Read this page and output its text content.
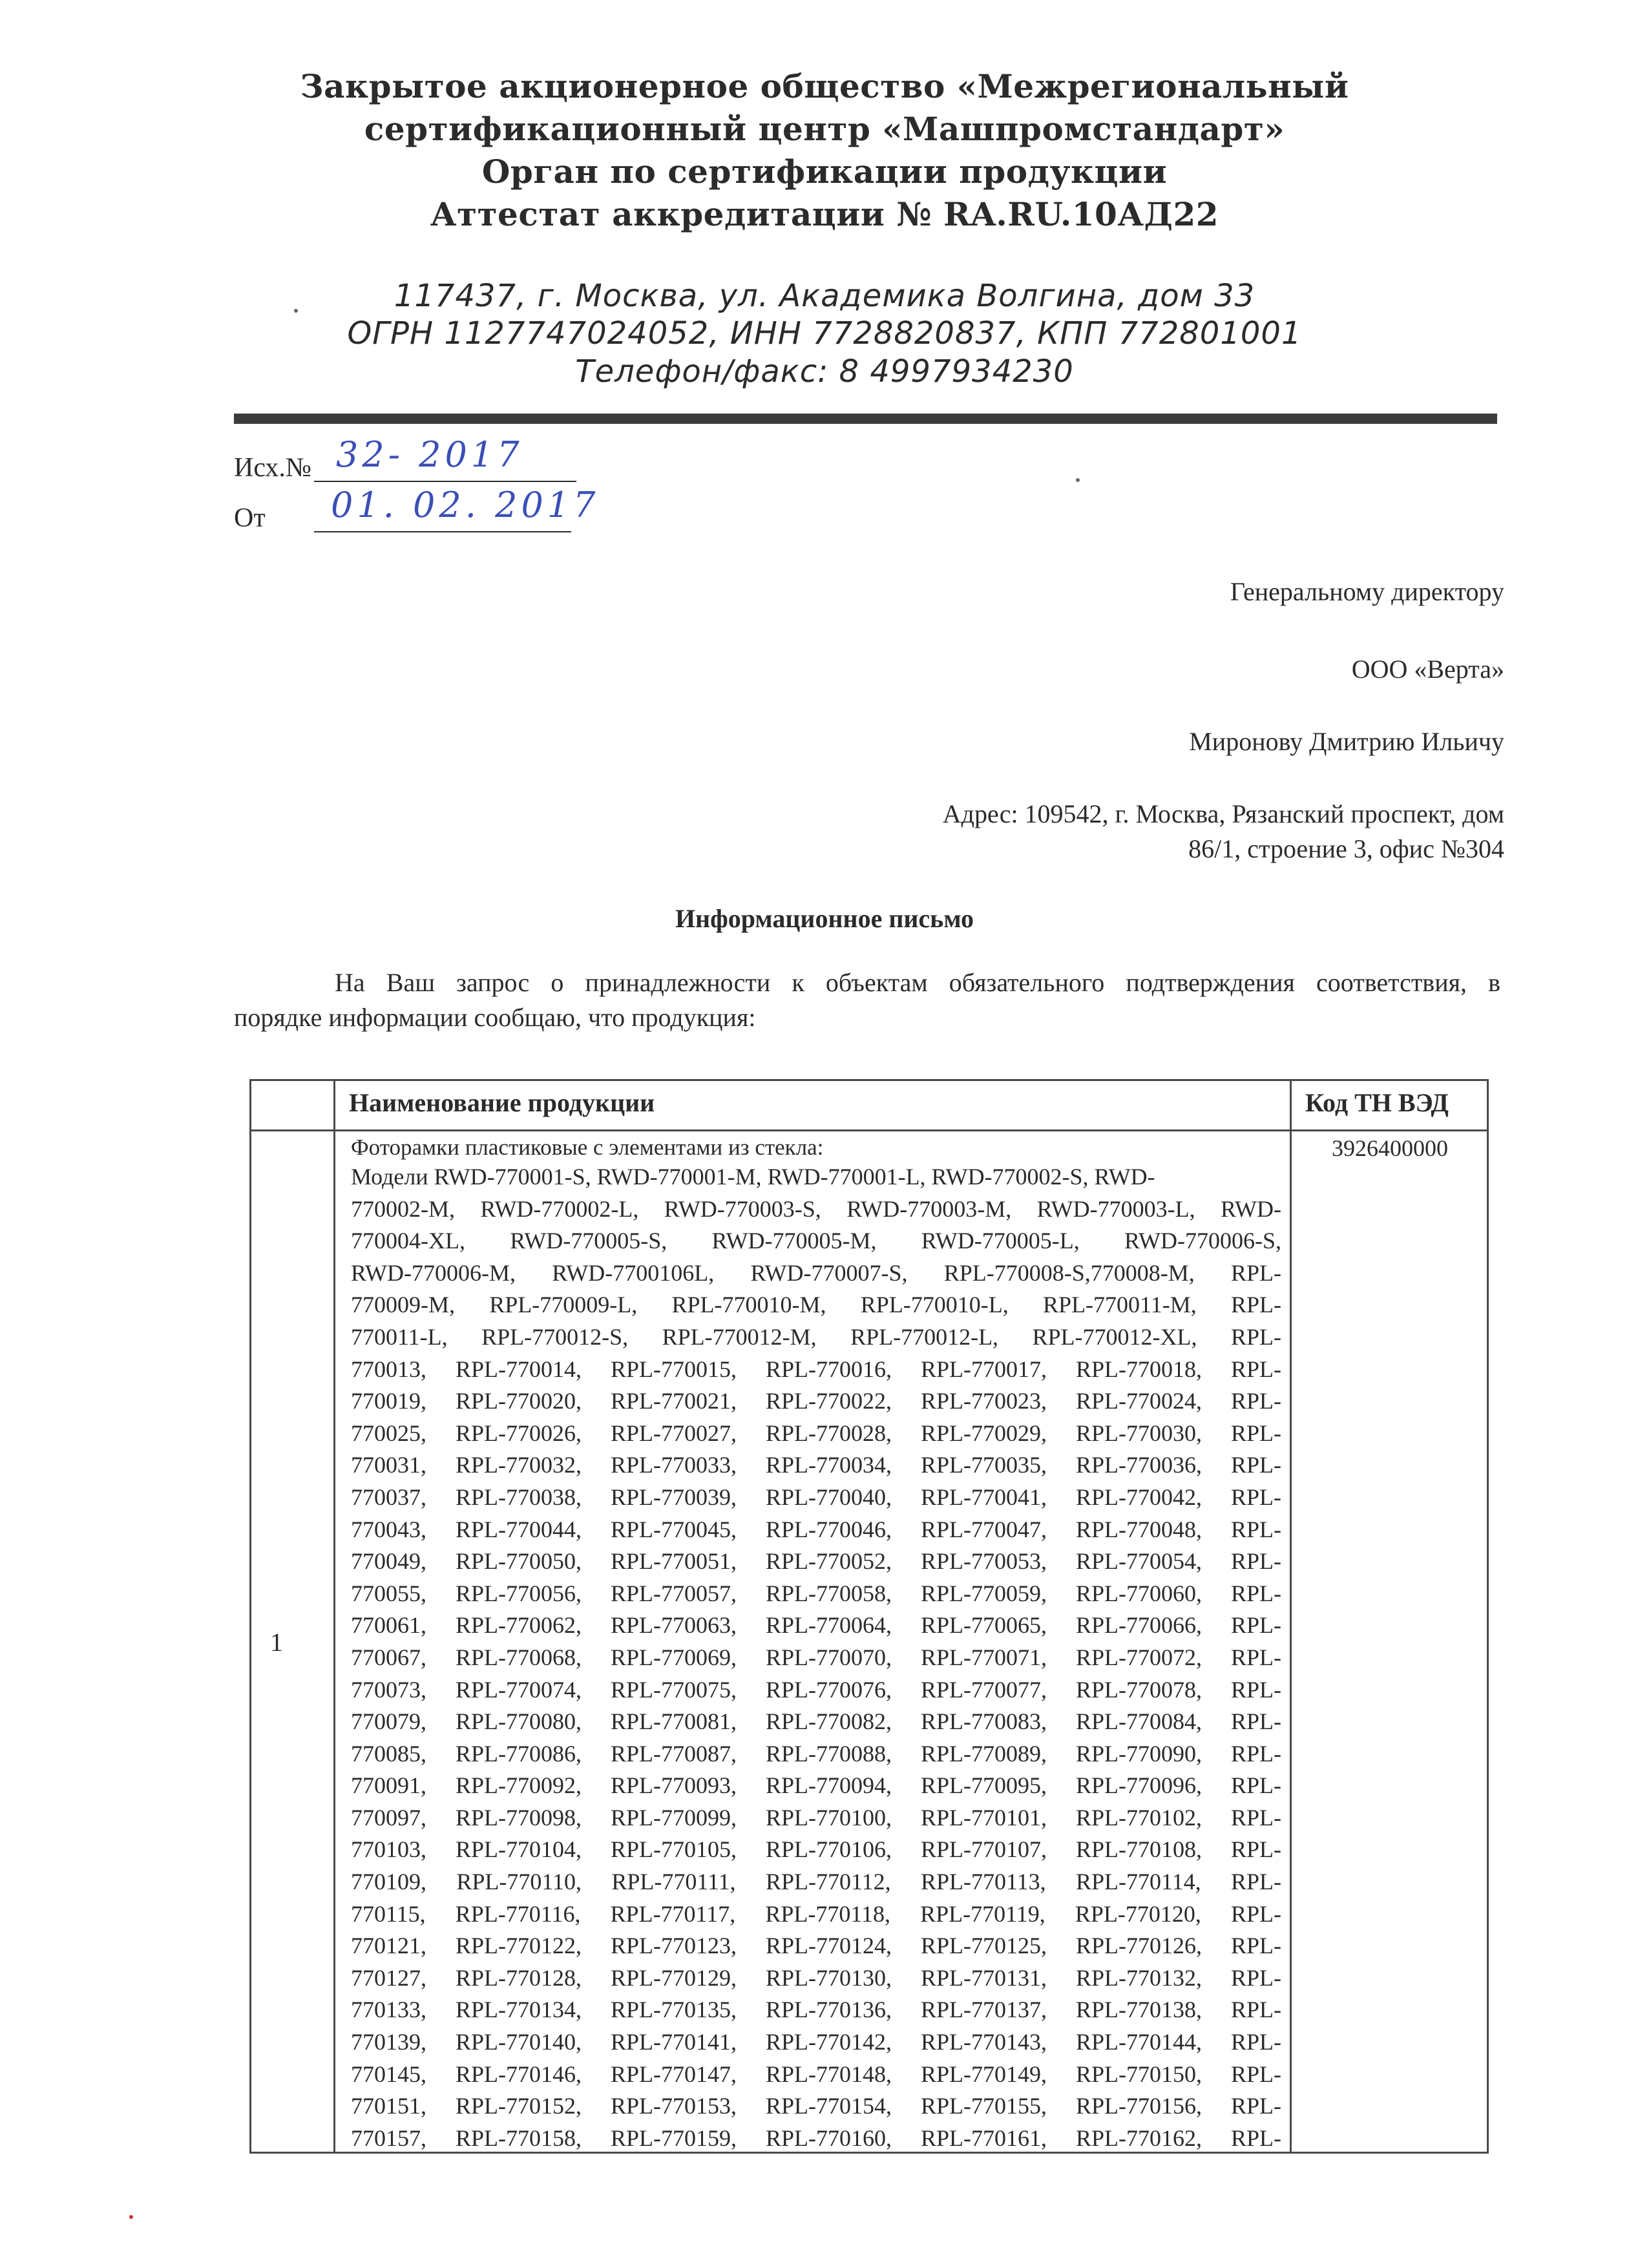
Закрытое акционерное общество «Межрегиональный
сертификационный центр «Машпромстандарт»
Орган по сертификации продукции
Аттестат аккредитации № RA.RU.10АД22
117437, г. Москва, ул. Академика Волгина, дом 33
ОГРН 1127747024052, ИНН 7728820837, КПП 772801001
Телефон/факс: 8 4997934230
Исх.№ 32- 2017
От 01. 02. 2017
Генеральному директору
ООО «Верта»
Миронову Дмитрию Ильичу
Адрес: 109542, г. Москва, Рязанский проспект, дом
86/1, строение 3, офис №304
Информационное письмо
На Ваш запрос о принадлежности к объектам обязательного подтверждения соответствия, в
порядке информации сообщаю, что продукция:
Наименование продукции	Код ТН ВЭД
1
Фоторамки пластиковые с элементами из стекла:	3926400000
Модели RWD-770001-S, RWD-770001-M, RWD-770001-L, RWD-770002-S, RWD-
770002-M, RWD-770002-L, RWD-770003-S, RWD-770003-M, RWD-770003-L, RWD-
770004-XL, RWD-770005-S, RWD-770005-M, RWD-770005-L, RWD-770006-S,
RWD-770006-M, RWD-7700106L, RWD-770007-S, RPL-770008-S,770008-M, RPL-
770009-M, RPL-770009-L, RPL-770010-M, RPL-770010-L, RPL-770011-M, RPL-
770011-L, RPL-770012-S, RPL-770012-M, RPL-770012-L, RPL-770012-XL, RPL-
770013, RPL-770014, RPL-770015, RPL-770016, RPL-770017, RPL-770018, RPL-
770019, RPL-770020, RPL-770021, RPL-770022, RPL-770023, RPL-770024, RPL-
770025, RPL-770026, RPL-770027, RPL-770028, RPL-770029, RPL-770030, RPL-
770031, RPL-770032, RPL-770033, RPL-770034, RPL-770035, RPL-770036, RPL-
770037, RPL-770038, RPL-770039, RPL-770040, RPL-770041, RPL-770042, RPL-
770043, RPL-770044, RPL-770045, RPL-770046, RPL-770047, RPL-770048, RPL-
770049, RPL-770050, RPL-770051, RPL-770052, RPL-770053, RPL-770054, RPL-
770055, RPL-770056, RPL-770057, RPL-770058, RPL-770059, RPL-770060, RPL-
770061, RPL-770062, RPL-770063, RPL-770064, RPL-770065, RPL-770066, RPL-
770067, RPL-770068, RPL-770069, RPL-770070, RPL-770071, RPL-770072, RPL-
770073, RPL-770074, RPL-770075, RPL-770076, RPL-770077, RPL-770078, RPL-
770079, RPL-770080, RPL-770081, RPL-770082, RPL-770083, RPL-770084, RPL-
770085, RPL-770086, RPL-770087, RPL-770088, RPL-770089, RPL-770090, RPL-
770091, RPL-770092, RPL-770093, RPL-770094, RPL-770095, RPL-770096, RPL-
770097, RPL-770098, RPL-770099, RPL-770100, RPL-770101, RPL-770102, RPL-
770103, RPL-770104, RPL-770105, RPL-770106, RPL-770107, RPL-770108, RPL-
770109, RPL-770110, RPL-770111, RPL-770112, RPL-770113, RPL-770114, RPL-
770115, RPL-770116, RPL-770117, RPL-770118, RPL-770119, RPL-770120, RPL-
770121, RPL-770122, RPL-770123, RPL-770124, RPL-770125, RPL-770126, RPL-
770127, RPL-770128, RPL-770129, RPL-770130, RPL-770131, RPL-770132, RPL-
770133, RPL-770134, RPL-770135, RPL-770136, RPL-770137, RPL-770138, RPL-
770139, RPL-770140, RPL-770141, RPL-770142, RPL-770143, RPL-770144, RPL-
770145, RPL-770146, RPL-770147, RPL-770148, RPL-770149, RPL-770150, RPL-
770151, RPL-770152, RPL-770153, RPL-770154, RPL-770155, RPL-770156, RPL-
770157, RPL-770158, RPL-770159, RPL-770160, RPL-770161, RPL-770162, RPL-
